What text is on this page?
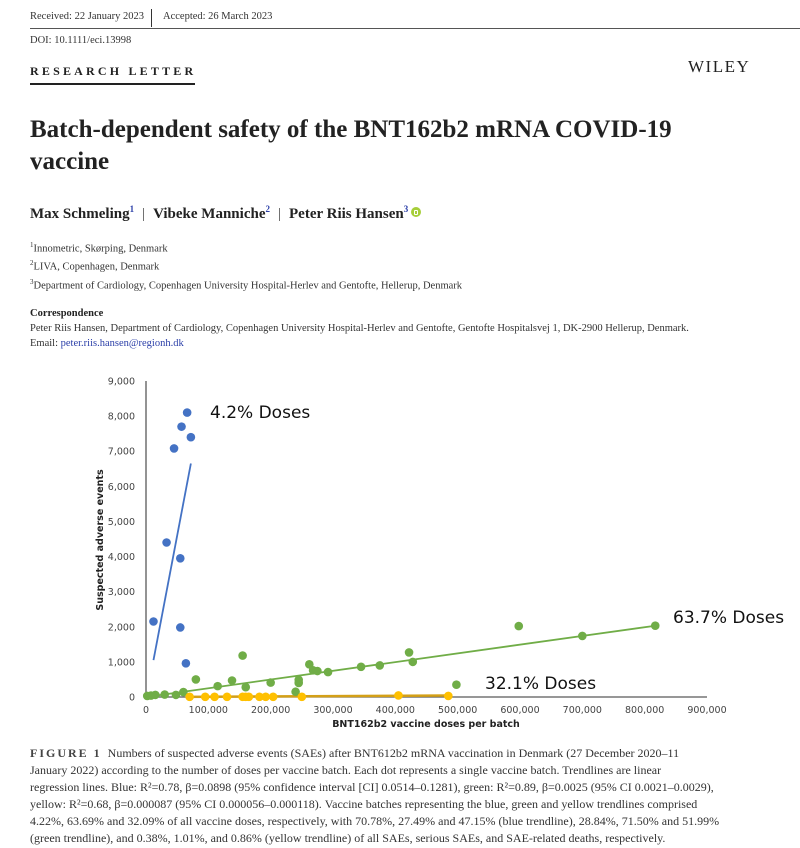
Received: 22 January 2023 Accepted: 26 March 2023
DOI: 10.1111/eci.13998
RESEARCH LETTER	WILEY
Batch-dependent safety of the BNT162b2 mRNA COVID-19 vaccine
Max Schmeling$^1$ | Vibeke Manniche$^2$ | Peter Riis Hansen$^3$
$^1$Innometric, Skørping, Denmark
$^2$LIVA, Copenhagen, Denmark
$^3$Department of Cardiology, Copenhagen University Hospital-Herlev and Gentofte, Hellerup, Denmark
Correspondence
Peter Riis Hansen, Department of Cardiology, Copenhagen University Hospital-Herlev and Gentofte, Gentofte Hospitalsvej 1, DK-2900 Hellerup, Denmark.
Email: peter.riis.hansen@regionh.dk
0
1,000
2,000
3,000
4,000
5,000
6,000
7,000
8,000
9,000
0	100,000 200,000 300,000 400,000 500,000 600,000 700,000 800,000 900,000
Suspected adverse events
BNT162b2 vaccine doses per batch
4.2% Doses
63.7% Doses
32.1% Doses
FIGURE 1 Numbers of suspected adverse events (SAEs) after BNT612b2 mRNA vaccination in Denmark (27 December 2020–11
January 2022) according to the number of doses per vaccine batch. Each dot represents a single vaccine batch. Trendlines are linear
regression lines. Blue: R²=0.78, β=0.0898 (95% confidence interval [CI] 0.0514–0.1281), green: R²=0.89, β=0.0025 (95% CI 0.0021–0.0029),
yellow: R²=0.68, β=0.000087 (95% CI 0.000056–0.000118). Vaccine batches representing the blue, green and yellow trendlines comprised
4.22%, 63.69% and 32.09% of all vaccine doses, respectively, with 70.78%, 27.49% and 47.15% (blue trendline), 28.84%, 71.50% and 51.99%
(green trendline), and 0.38%, 1.01%, and 0.86% (yellow trendline) of all SAEs, serious SAEs, and SAE-related deaths, respectively.
